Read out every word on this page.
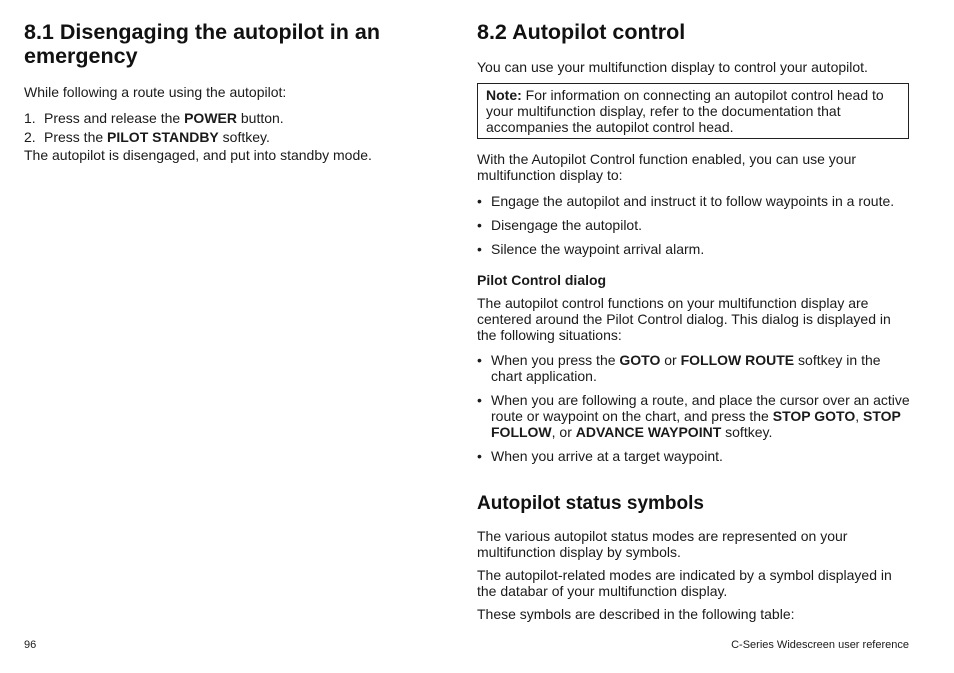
8.1 Disengaging the autopilot in an emergency

While following a route using the autopilot:

1. Press and release the POWER button.
2. Press the PILOT STANDBY softkey.

The autopilot is disengaged, and put into standby mode.

8.2 Autopilot control

You can use your multifunction display to control your autopilot.

Note: For information on connecting an autopilot control head to your multifunction display, refer to the documentation that accompanies the autopilot control head.

With the Autopilot Control function enabled, you can use your multifunction display to:

• Engage the autopilot and instruct it to follow waypoints in a route.
• Disengage the autopilot.
• Silence the waypoint arrival alarm.
Pilot Control dialog

The autopilot control functions on your multifunction display are centered around the Pilot Control dialog. This dialog is displayed in the following situations:

• When you press the GOTO or FOLLOW ROUTE softkey in the chart application.
• When you are following a route, and place the cursor over an active route or waypoint on the chart, and press the STOP GOTO, STOP FOLLOW, or ADVANCE WAYPOINT softkey.
• When you arrive at a target waypoint.
Autopilot status symbols

The various autopilot status modes are represented on your multifunction display by symbols.

The autopilot-related modes are indicated by a symbol displayed in the databar of your multifunction display.

These symbols are described in the following table:

96	C-Series Widescreen user reference
